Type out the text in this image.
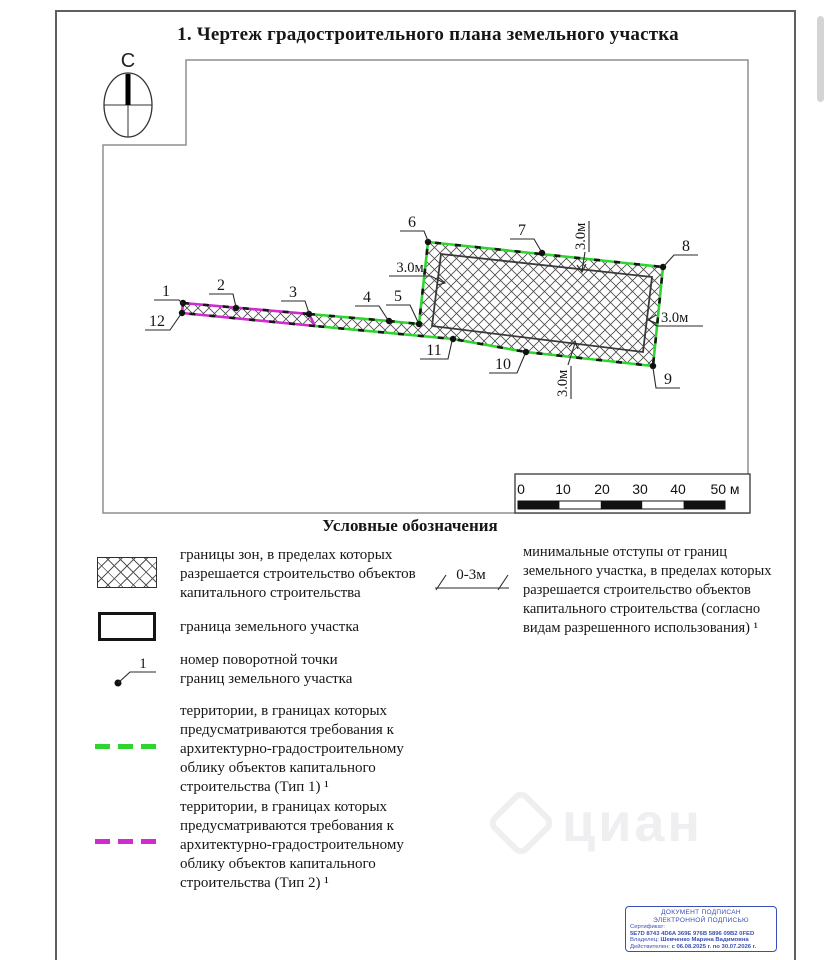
циан
1. Чертеж градостроительного плана земельного участка
С
1	2	3	4 5
6	7
8
9
10
11
12
3.0м
3.0м
3.0м
3.0м
0 10 20 30 40 50 м
Условные обозначения
границы зон, в пределах которых
разрешается строительство объектов
капитального строительства
0-3м
минимальные отступы от границ
земельного участка, в пределах которых
разрешается строительство объектов
капитального строительства (согласно
видам разрешенного использования) ¹
граница земельного участка
1 номер поворотной точки
границ земельного участка
территории, в границах которых
предусматриваются требования к
архитектурно-градостроительному
облику объектов капитального
строительства (Тип 1) ¹
территории, в границах которых
предусматриваются требования к
архитектурно-градостроительному
облику объектов капитального
строительства (Тип 2) ¹
ДОКУМЕНТ ПОДПИСАН
ЭЛЕКТРОННОЙ ПОДПИСЬЮ
Сертификат:
5E7D 8743 4D6A 369E 976B 5896 09B2 0FED
Владелец: Шевченко Марина Вадимовна
Действителен: с 06.08.2025 г. по 30.07.2026 г.
